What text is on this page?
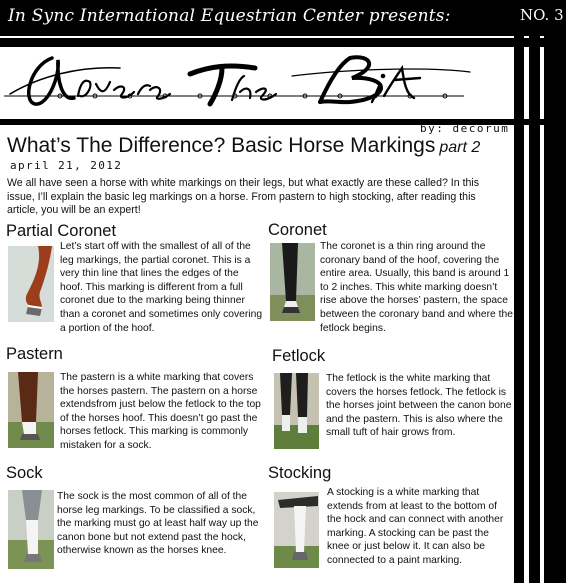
In Sync International Equestrian Center presents:	NO. 3
by: decorum
What’s The Difference? Basic Horse Markings part 2
april 21, 2012
We all have seen a horse with white markings on their legs, but what exactly are these called? In this issue, I’ll explain the basic leg markings on a horse. From pastern to high stocking, after reading this article, you will be an expert!
Partial Coronet
Let’s start off with the smallest of all of the leg markings, the partial coronet. This is a very thin line that lines the edges of the hoof. This marking is different from a full coronet due to the marking being thinner than a coronet and sometimes only covering a portion of the hoof.
Coronet
The coronet is a thin ring around the coronary band of the hoof, covering the entire area. Usually, this band is around 1 to 2 inches. This white marking doesn’t rise above the horses’ pastern, the space between the coronary band and where the fetlock begins.
Pastern
The pastern is a white marking that covers the horses pastern. The pastern on a horse extendsfrom just below the fetlock to the top of the horses hoof. This doesn’t go past the horses fetlock. This marking is commonly mistaken for a sock.
Fetlock
The fetlock is the white marking that covers the horses fetlock. The fetlock is the horses joint between the canon bone and the pastern. This is also where the small tuft of hair grows from.
Sock
The sock is the most common of all of the horse leg markings. To be classified a sock, the marking must go at least half way up the canon bone but not extend past the hock, otherwise known as the horses knee.
Stocking
A stocking is a white marking that extends from at least to the bottom of the hock and can connect with another marking. A stocking can be past the knee or just below it. It can also be connected to a paint marking.
